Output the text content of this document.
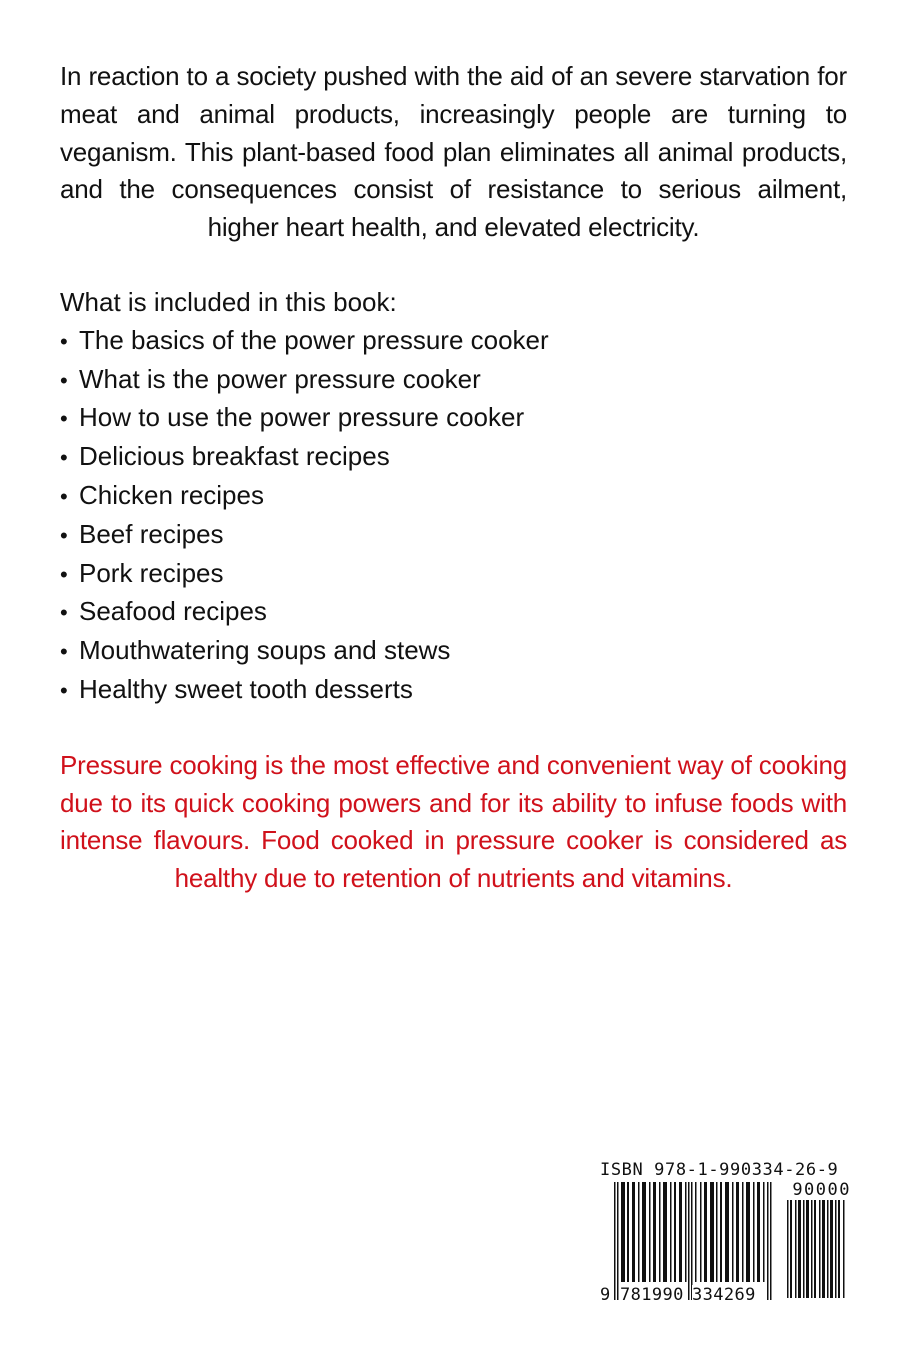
In reaction to a society pushed with the aid of an severe starvation for meat and animal products, increasingly people are turning to veganism. This plant-based food plan eliminates all animal products, and the consequences consist of resistance to serious ailment, higher heart health, and elevated electricity.

What is included in this book:
• The basics of the power pressure cooker
• What is the power pressure cooker
• How to use the power pressure cooker
• Delicious breakfast recipes
• Chicken recipes
• Beef recipes
• Pork recipes
• Seafood recipes
• Mouthwatering soups and stews
• Healthy sweet tooth desserts

Pressure cooking is the most effective and convenient way of cooking due to its quick cooking powers and for its ability to infuse foods with intense flavours. Food cooked in pressure cooker is considered as healthy due to retention of nutrients and vitamins.

ISBN 978-1-990334-26-9
90000
9 781990 334269
